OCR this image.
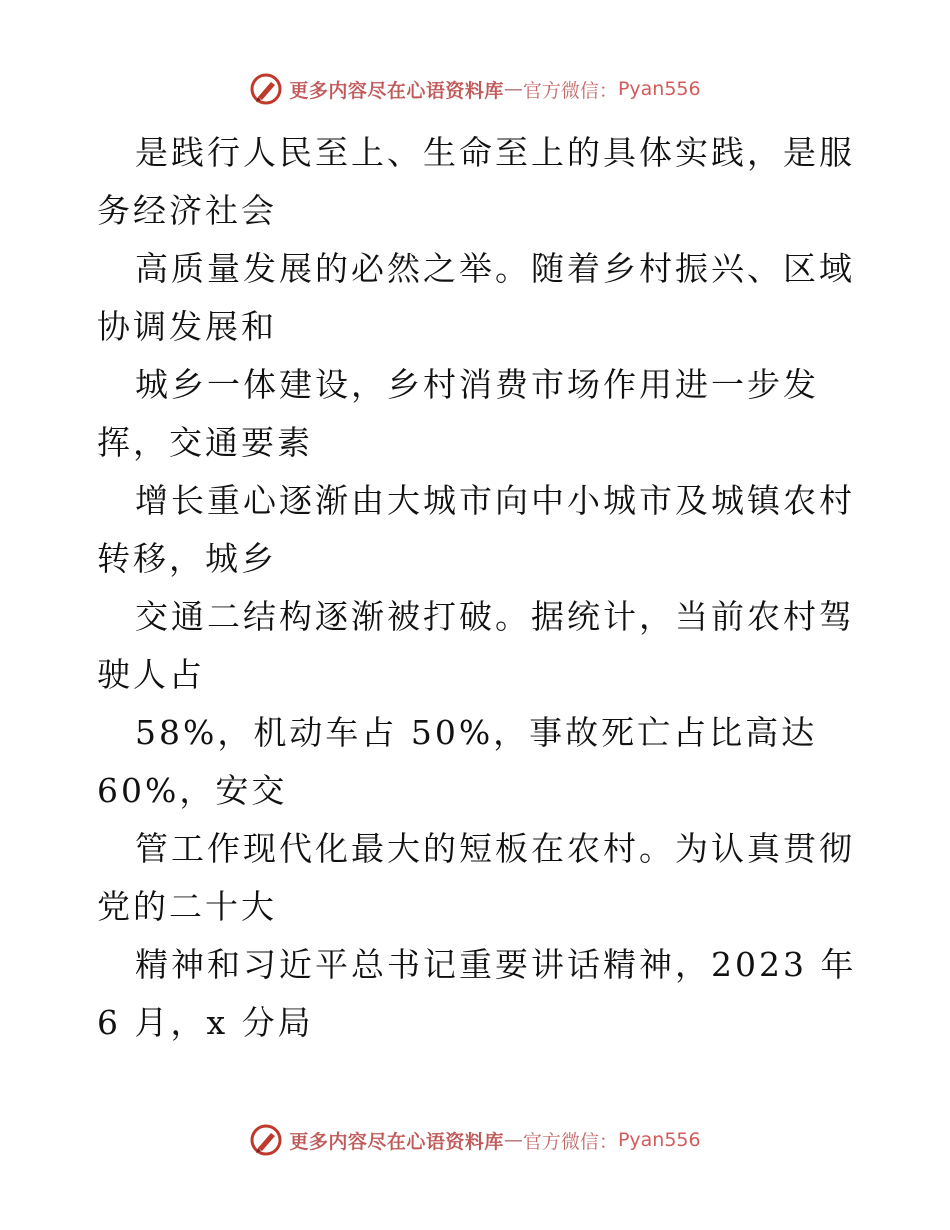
更多内容尽在心语资料库 — 官方微信： Pyan556

是践行人民至上、生命至上的具体实践，是服务经济社会

高质量发展的必然之举。随着乡村振兴、区域协调发展和

城乡一体建设，乡村消费市场作用进一步发挥，交通要素

增长重心逐渐由大城市向中小城市及城镇农村转移，城乡

交通二结构逐渐被打破。据统计，当前农村驾驶人占

58%，机动车占 50%，事故死亡占比高达 60%，安交

管工作现代化最大的短板在农村。为认真贯彻党的二十大

精神和习近平总书记重要讲话精神，2023 年 6 月，x 分局

更多内容尽在心语资料库 — 官方微信： Pyan556
